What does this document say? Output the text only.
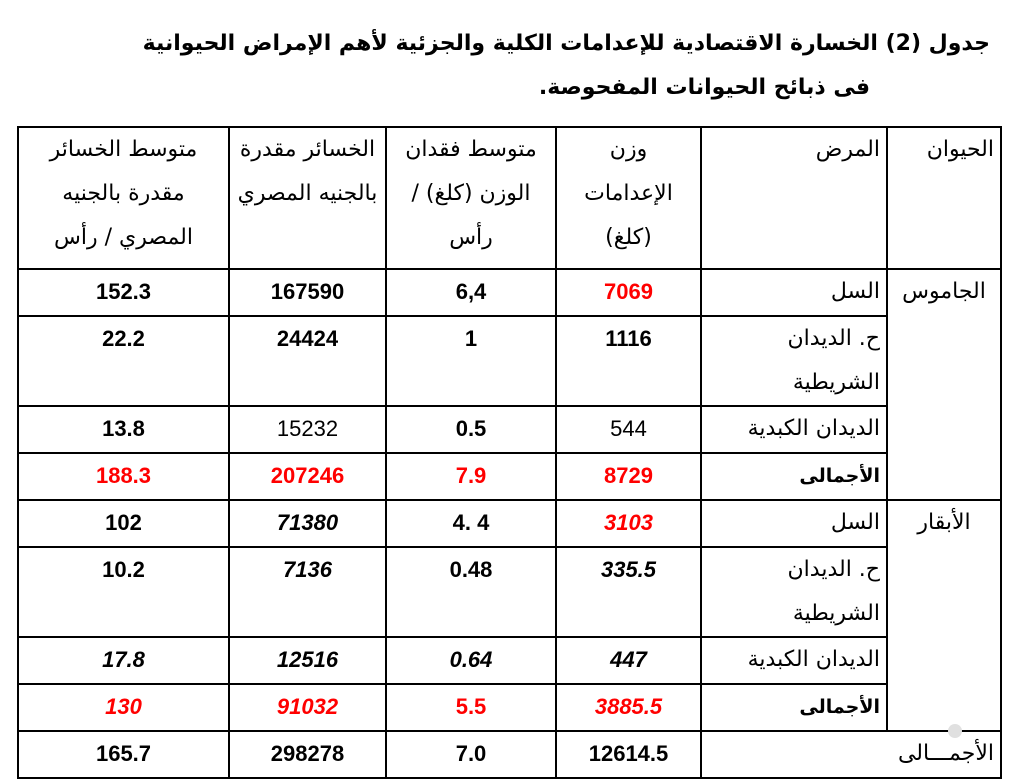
جدول (2) الخسارة الاقتصادية للإعدامات الكلية والجزئية لأهم الإمراض الحيوانية
فى ذبائح الحيوانات المفحوصة.
الحيوان	المرض	وزن الإعدامات (كلغ)	متوسط فقدان الوزن (كلغ) / رأس	الخسائر مقدرة بالجنيه المصري	متوسط الخسائر مقدرة بالجنيه المصري / رأس
الجاموس	السل	7069	6,4	167590	152.3
	ح. الديدان الشريطية	1116	1	24424	22.2
	الديدان الكبدية	544	0.5	15232	13.8
	الأجمالى	8729	7.9	207246	188.3
الأبقار	السل	3103	4 .4	71380	102
	ح. الديدان الشريطية	335.5	0.48	7136	10.2
	الديدان الكبدية	447	0.64	12516	17.8
	الأجمالى	3885.5	5.5	91032	130
الأجمـــالى		12614.5	7.0	298278	165.7
